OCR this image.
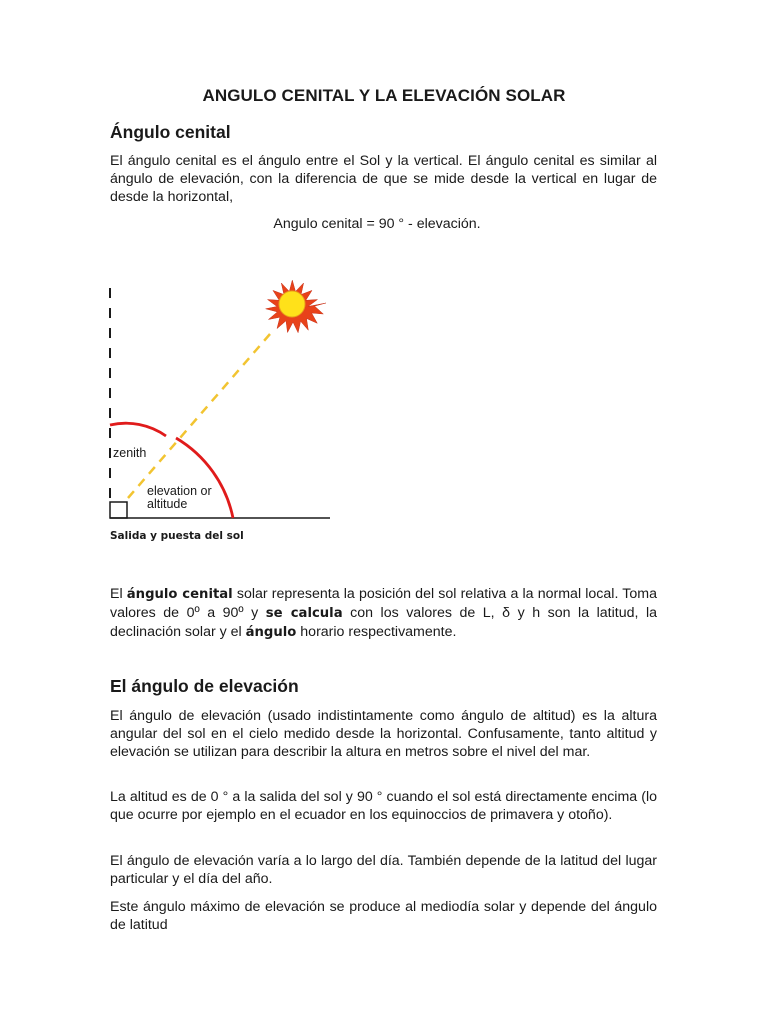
ANGULO CENITAL Y LA ELEVACIÓN SOLAR
Ángulo cenital

El ángulo cenital es el ángulo entre el Sol y la vertical. El ángulo cenital es similar al ángulo de elevación, con la diferencia de que se mide desde la vertical en lugar de desde la horizontal,

Angulo cenital = 90 ° - elevación.
zenith
elevation or
altitude
Salida y puesta del sol

El ángulo cenital solar representa la posición del sol relativa a la normal local. Toma valores de 0º a 90º y se calcula con los valores de L, δ y h son la latitud, la declinación solar y el ángulo horario respectivamente.

El ángulo de elevación

El ángulo de elevación (usado indistintamente como ángulo de altitud) es la altura angular del sol en el cielo medido desde la horizontal. Confusamente, tanto altitud y elevación se utilizan para describir la altura en metros sobre el nivel del mar.

La altitud es de 0 ° a la salida del sol y 90 ° cuando el sol está directamente encima (lo que ocurre por ejemplo en el ecuador en los equinoccios de primavera y otoño).

El ángulo de elevación varía a lo largo del día. También depende de la latitud del lugar particular y el día del año.

Este ángulo máximo de elevación se produce al mediodía solar y depende del ángulo de latitud
